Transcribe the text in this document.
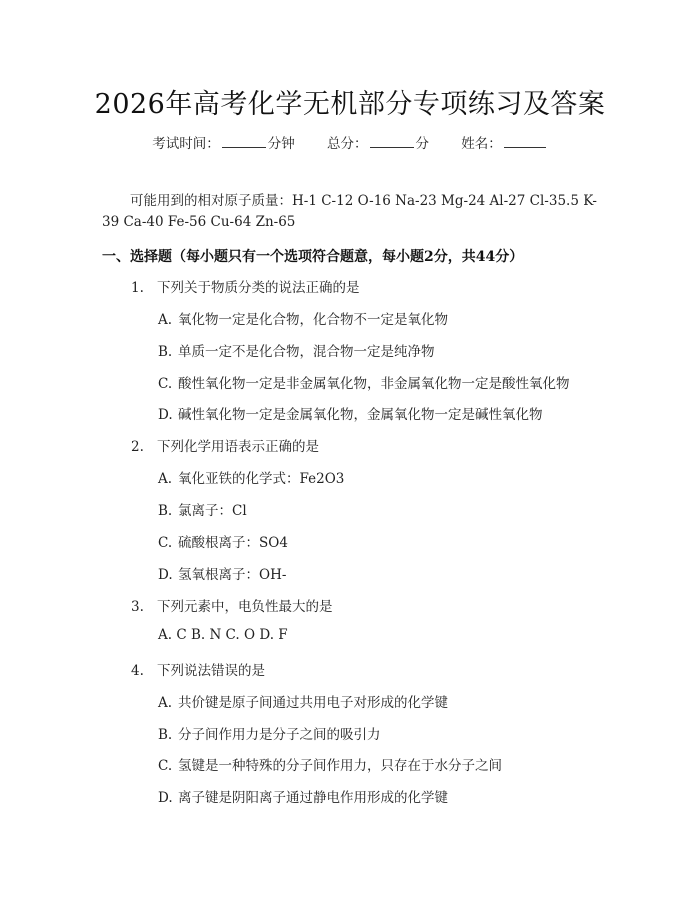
2026年高考化学无机部分专项练习及答案
考试时间：	分钟 总分：	分 姓名：
可能用到的相对原子质量：H-1 C-12 O-16 Na-23 Mg-24 Al-27 Cl-35.5 K-39 Ca-40 Fe-56 Cu-64 Zn-65
一、选择题（每小题只有一个选项符合题意，每小题2分，共44分）
1. 下列关于物质分类的说法正确的是
A. 氧化物一定是化合物，化合物不一定是氧化物
B. 单质一定不是化合物，混合物一定是纯净物
C. 酸性氧化物一定是非金属氧化物，非金属氧化物一定是酸性氧化物
D. 碱性氧化物一定是金属氧化物，金属氧化物一定是碱性氧化物
2. 下列化学用语表示正确的是
A. 氧化亚铁的化学式：Fe2O3
B. 氯离子：Cl
C. 硫酸根离子：SO4
D. 氢氧根离子：OH-
3. 下列元素中，电负性最大的是
A. C B. N C. O D. F
4. 下列说法错误的是
A. 共价键是原子间通过共用电子对形成的化学键
B. 分子间作用力是分子之间的吸引力
C. 氢键是一种特殊的分子间作用力，只存在于水分子之间
D. 离子键是阴阳离子通过静电作用形成的化学键
